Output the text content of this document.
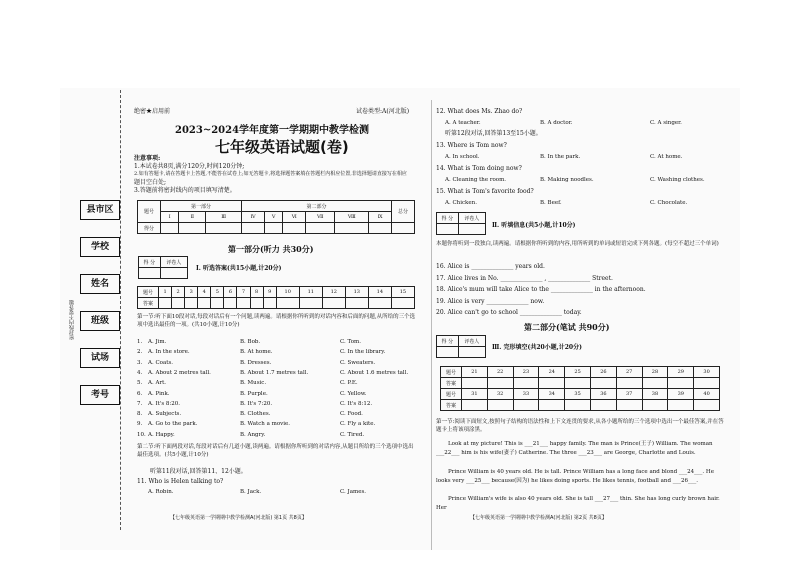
密封线内不要答题
县市区
学校
姓名
班级
试场
考号
绝密★启用前	试卷类型:A(河北版)
2023~2024学年度第一学期期中教学检测
七年级英语试题(卷)
注意事项:
1.本试卷共8页,满分120分,时间120分钟;
2.如有答题卡,请在答题卡上答题,不能答在试卷上;如无答题卡,将选择题答案填在答题栏内相应位置,非选择题请直接写在相应
题目空白处;
3.答题前将密封线内的项目填写清楚。
题号	第一部分			第二部分						总分
	Ⅰ	Ⅱ	Ⅲ	Ⅳ	Ⅴ	Ⅵ	Ⅶ	Ⅷ	Ⅸ	
得分										
第一部分(听力 共30分)
得 分	评卷人

Ⅰ. 听选答案(共15小题,计20分)
题号	1	2	3	4	5	6	7	8	9	10	11	12	13	14	15
答案															
第一节:听下面10段对话,每段对话后有一个问题,读两遍。请根据你所听到的对话内容和后面的问题,从所给的三个选项中选出最佳的一项。(共10小题,计10分)
1. A. Jim.	B. Bob.	C. Tom.
2. A. In the store.	B. At home.	C. In the library.
3. A. Coats.	B. Dresses.	C. Sweaters.
4. A. About 2 metres tall.	B. About 1.7 metres tall.	C. About 1.6 metres tall.
5. A. Art.	B. Music.	C. P.E.
6. A. Pink.	B. Purple.	C. Yellow.
7. A. It's 8:20.	B. It's 7:20.	C. It's 8:12.
8. A. Subjects.	B. Clothes.	C. Food.
9. A. Go to the park.	B. Watch a movie.	C. Fly a kite.
10. A. Happy.	B. Angry.	C. Tired.
第二节:听下面两段对话,每段对话后有几道小题,读两遍。请根据你所听到的对话内容,从题目所给的三个选项中选出最佳选项。(共5小题,计10分)
听第11段对话,回答第11、12小题。
11. Who is Helen talking to?
A. Robin.	B. Jack.	C. James.
【七年级英语第一学期期中教学检测A(河北版) 第1页 共8页】
12. What does Ms. Zhao do?
A. A teacher.	B. A doctor.	C. A singer.
听第12段对话,回答第13至15小题。
13. Where is Tom now?
A. In school.	B. In the park.	C. At home.
14. What is Tom doing now?
A. Cleaning the room.	B. Making noodles.	C. Washing clothes.
15. What is Tom's favorite food?
A. Chicken.	B. Beef.	C. Chocolate.
得 分	评卷人

Ⅱ. 听填信息(共5小题,计10分)
本题你将听到一段独白,读两遍。请根据你所听到的内容,用所听到的单词或短语完成下列各题。(每空不超过三个单词)
16. Alice is ______________ years old.
17. Alice lives in No. ______________ , ______________ Street.
18. Alice's mum will take Alice to the ______________ in the afternoon.
19. Alice is very ______________ now.
20. Alice can't go to school ______________ today.
第二部分(笔试 共90分)
得 分	评卷人

Ⅲ. 完形填空(共20小题,计20分)
题号	21	22	23	24	25	26	27	28	29	30
答案										
题号	31	32	33	34	35	36	37	38	39	40
答案										
第一节:阅读下面短文,按照句子结构的语法性和上下文连贯的要求,从各小题所给的三个选项中选出一个最佳答案,并在答题卡上将该项涂黑。
Look at my picture! This is ___21___ happy family. The man is Prince(王子) William. The woman ___22___ him is his wife(妻子) Catherine. The three ___23___ are George, Charlotte and Louis.
Prince William is 40 years old. He is tall. Prince William has a long face and blond ___24___. He looks very ___25___ because(因为) he likes doing sports. He likes tennis, football and ___26___.
Prince William's wife is also 40 years old. She is tall ___27___ thin. She has long curly brown hair. Her
【七年级英语第一学期期中教学检测A(河北版) 第2页 共8页】
